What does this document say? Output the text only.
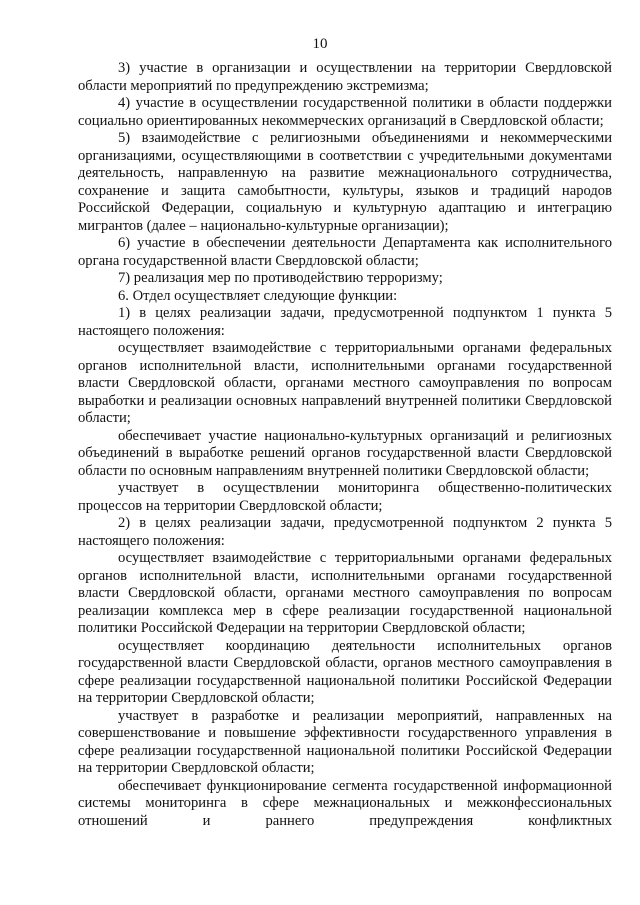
10

3) участие в организации и осуществлении на территории Свердловской области мероприятий по предупреждению экстремизма;

4) участие в осуществлении государственной политики в области поддержки социально ориентированных некоммерческих организаций в Свердловской области;

5) взаимодействие с религиозными объединениями и некоммерческими организациями, осуществляющими в соответствии с учредительными документами деятельность, направленную на развитие межнационального сотрудничества, сохранение и защита самобытности, культуры, языков и традиций народов Российской Федерации, социальную и культурную адаптацию и интеграцию мигрантов (далее – национально-культурные организации);

6) участие в обеспечении деятельности Департамента как исполнительного органа государственной власти Свердловской области;

7) реализация мер по противодействию терроризму;

6. Отдел осуществляет следующие функции:

1) в целях реализации задачи, предусмотренной подпунктом 1 пункта 5 настоящего положения:

осуществляет взаимодействие с территориальными органами федеральных органов исполнительной власти, исполнительными органами государственной власти Свердловской области, органами местного самоуправления по вопросам выработки и реализации основных направлений внутренней политики Свердловской области;

обеспечивает участие национально-культурных организаций и религиозных объединений в выработке решений органов государственной власти Свердловской области по основным направлениям внутренней политики Свердловской области;

участвует в осуществлении мониторинга общественно-политических процессов на территории Свердловской области;

2) в целях реализации задачи, предусмотренной подпунктом 2 пункта 5 настоящего положения:

осуществляет взаимодействие с территориальными органами федеральных органов исполнительной власти, исполнительными органами государственной власти Свердловской области, органами местного самоуправления по вопросам реализации комплекса мер в сфере реализации государственной национальной политики Российской Федерации на территории Свердловской области;

осуществляет координацию деятельности исполнительных органов государственной власти Свердловской области, органов местного самоуправления в сфере реализации государственной национальной политики Российской Федерации на территории Свердловской области;

участвует в разработке и реализации мероприятий, направленных на совершенствование и повышение эффективности государственного управления в сфере реализации государственной национальной политики Российской Федерации на территории Свердловской области;

обеспечивает функционирование сегмента государственной информационной системы мониторинга в сфере межнациональных и межконфессиональных отношений и раннего предупреждения конфликтных
